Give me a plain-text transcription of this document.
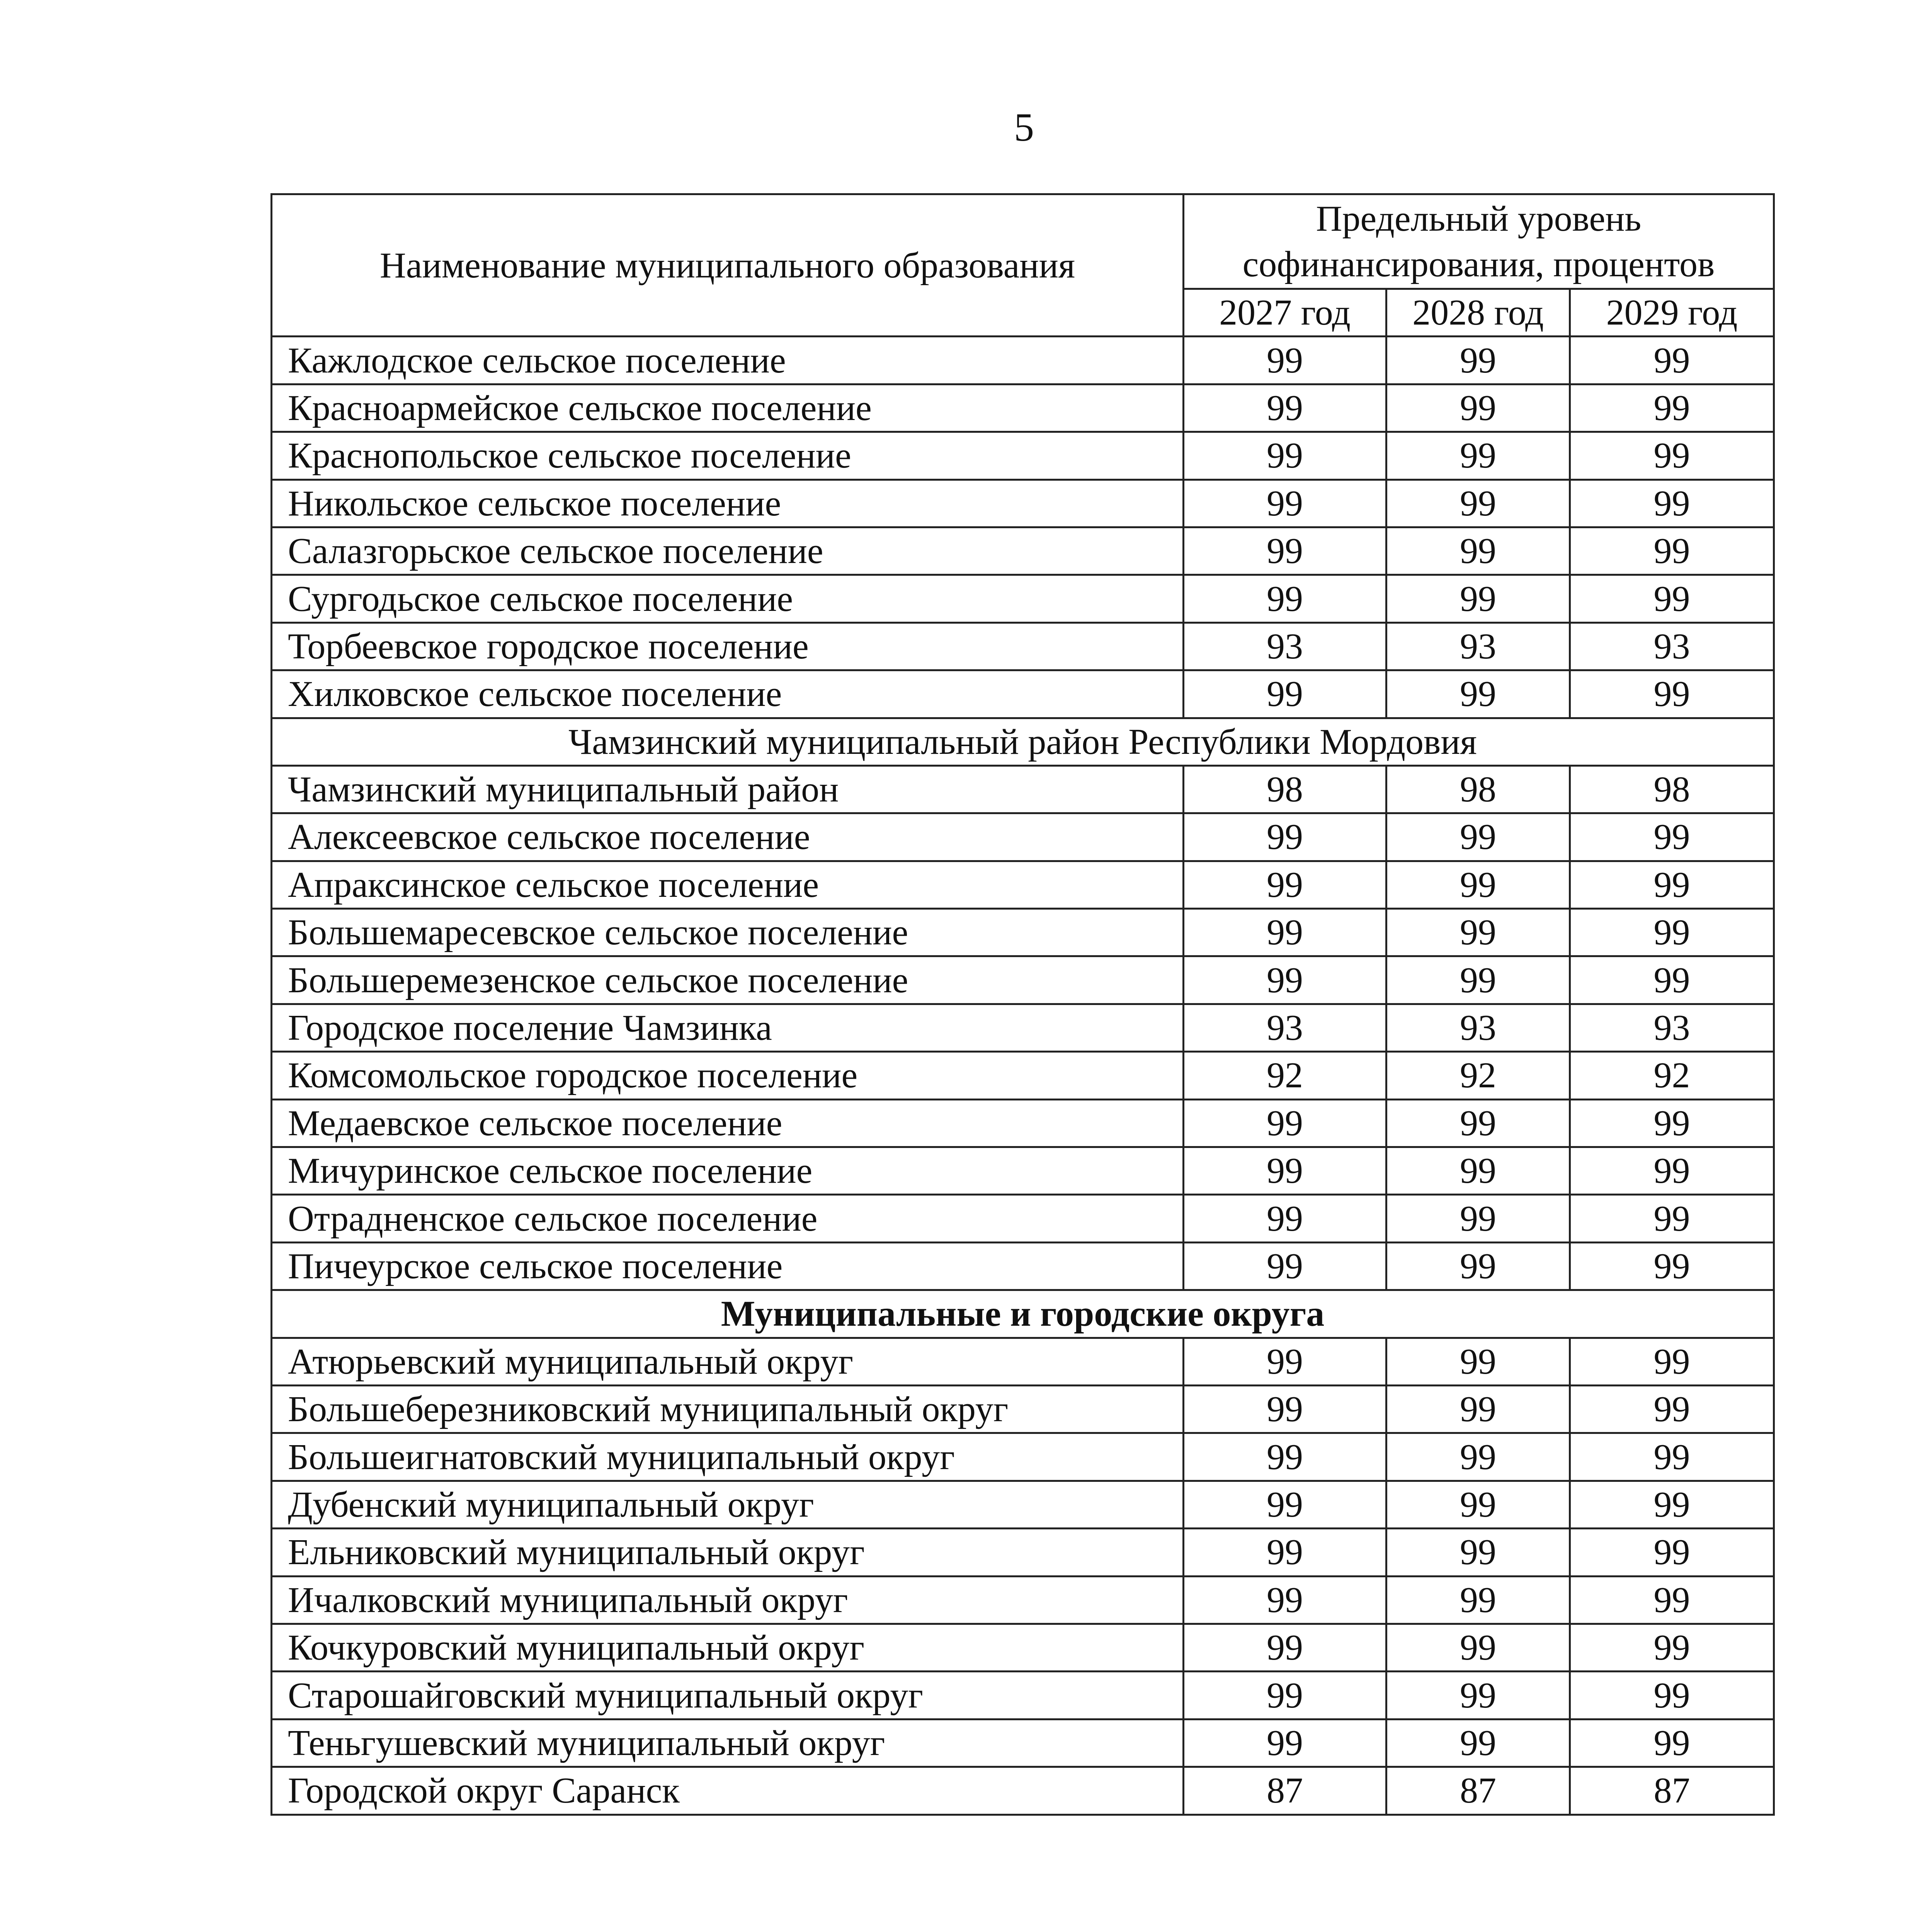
5
Наименование муниципального образования	Предельный уровень софинансирования, процентов		
	2027 год	2028 год	2029 год
Кажлодское сельское поселение	99	99	99
Красноармейское сельское поселение	99	99	99
Краснопольское сельское поселение	99	99	99
Никольское сельское поселение	99	99	99
Салазгорьское сельское поселение	99	99	99
Сургодьское сельское поселение	99	99	99
Торбеевское городское поселение	93	93	93
Хилковское сельское поселение	99	99	99
Чамзинский муниципальный район Республики Мордовия			
Чамзинский муниципальный район	98	98	98
Алексеевское сельское поселение	99	99	99
Апраксинское сельское поселение	99	99	99
Большемаресевское сельское поселение	99	99	99
Большеремезенское сельское поселение	99	99	99
Городское поселение Чамзинка	93	93	93
Комсомольское городское поселение	92	92	92
Медаевское сельское поселение	99	99	99
Мичуринское сельское поселение	99	99	99
Отрадненское сельское поселение	99	99	99
Пичеурское сельское поселение	99	99	99
Муниципальные и городские округа			
Атюрьевский муниципальный округ	99	99	99
Большеберезниковский муниципальный округ	99	99	99
Большеигнатовский муниципальный округ	99	99	99
Дубенский муниципальный округ	99	99	99
Ельниковский муниципальный округ	99	99	99
Ичалковский муниципальный округ	99	99	99
Кочкуровский муниципальный округ	99	99	99
Старошайговский муниципальный округ	99	99	99
Теньгушевский муниципальный округ	99	99	99
Городской округ Саранск	87	87	87
